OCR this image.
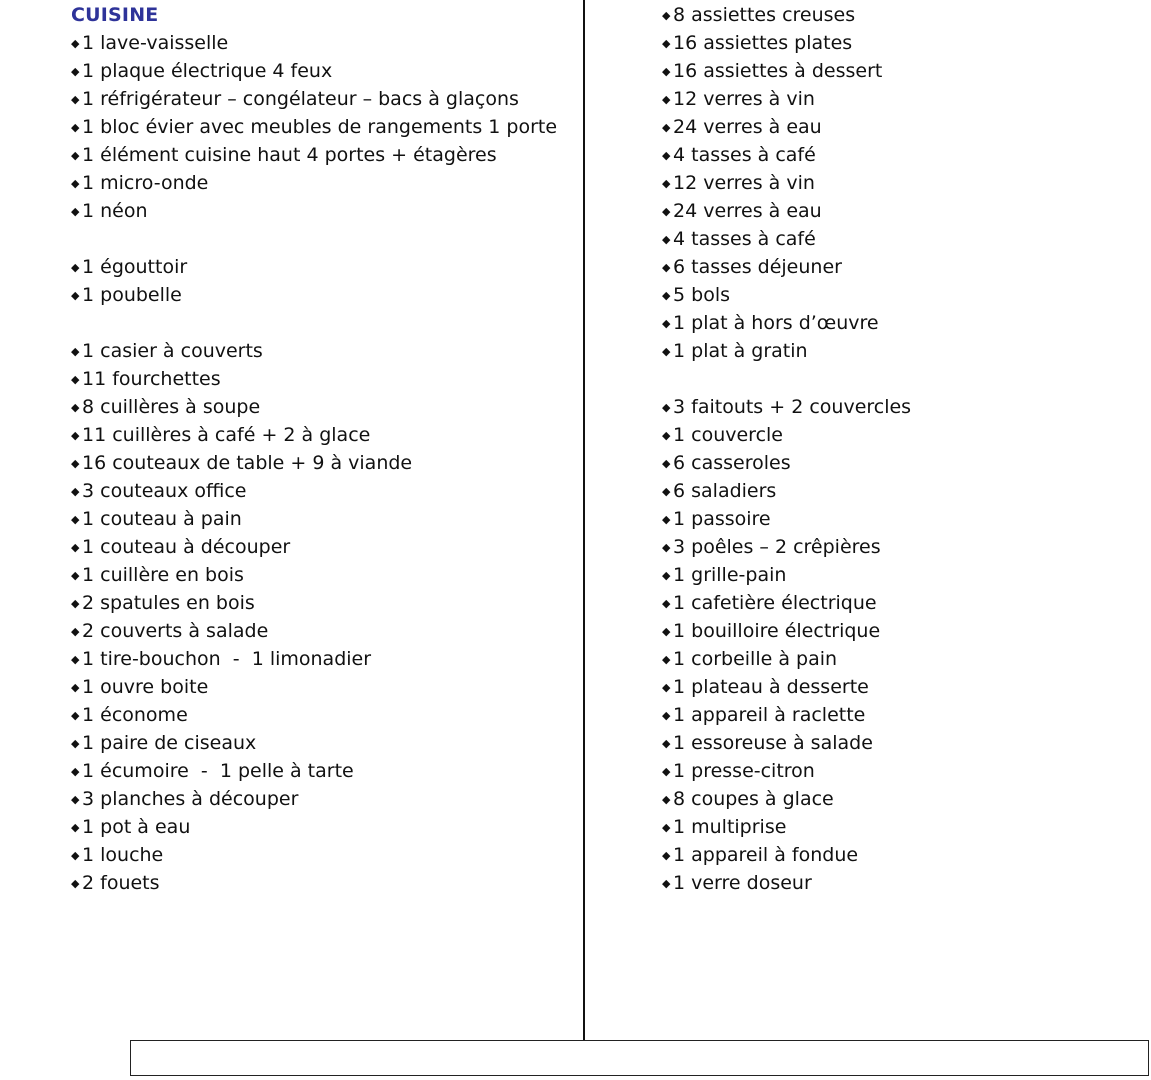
CUISINE
◆ 1 lave-vaisselle
◆ 1 plaque électrique 4 feux
◆ 1 réfrigérateur – congélateur – bacs à glaçons
◆ 1 bloc évier avec meubles de rangements 1 porte
◆ 1 élément cuisine haut 4 portes + étagères
◆ 1 micro-onde
◆ 1 néon
◆ 1 égouttoir
◆ 1 poubelle
◆ 1 casier à couverts
◆ 11 fourchettes
◆ 8 cuillères à soupe
◆ 11 cuillères à café + 2 à glace
◆ 16 couteaux de table + 9 à viande
◆ 3 couteaux office
◆ 1 couteau à pain
◆ 1 couteau à découper
◆ 1 cuillère en bois
◆ 2 spatules en bois
◆ 2 couverts à salade
◆ 1 tire-bouchon  -  1 limonadier
◆ 1 ouvre boite
◆ 1 économe
◆ 1 paire de ciseaux
◆ 1 écumoire  -  1 pelle à tarte
◆ 3 planches à découper
◆ 1 pot à eau
◆ 1 louche
◆ 2 fouets
◆ 8 assiettes creuses
◆ 16 assiettes plates
◆ 16 assiettes à dessert
◆ 12 verres à vin
◆ 24 verres à eau
◆ 4 tasses à café
◆ 12 verres à vin
◆ 24 verres à eau
◆ 4 tasses à café
◆ 6 tasses déjeuner
◆ 5 bols
◆ 1 plat à hors d’œuvre
◆ 1 plat à gratin
◆ 3 faitouts + 2 couvercles
◆ 1 couvercle
◆ 6 casseroles
◆ 6 saladiers
◆ 1 passoire
◆ 3 poêles – 2 crêpières
◆ 1 grille-pain
◆ 1 cafetière électrique
◆ 1 bouilloire électrique
◆ 1 corbeille à pain
◆ 1 plateau à desserte
◆ 1 appareil à raclette
◆ 1 essoreuse à salade
◆ 1 presse-citron
◆ 8 coupes à glace
◆ 1 multiprise
◆ 1 appareil à fondue
◆ 1 verre doseur
